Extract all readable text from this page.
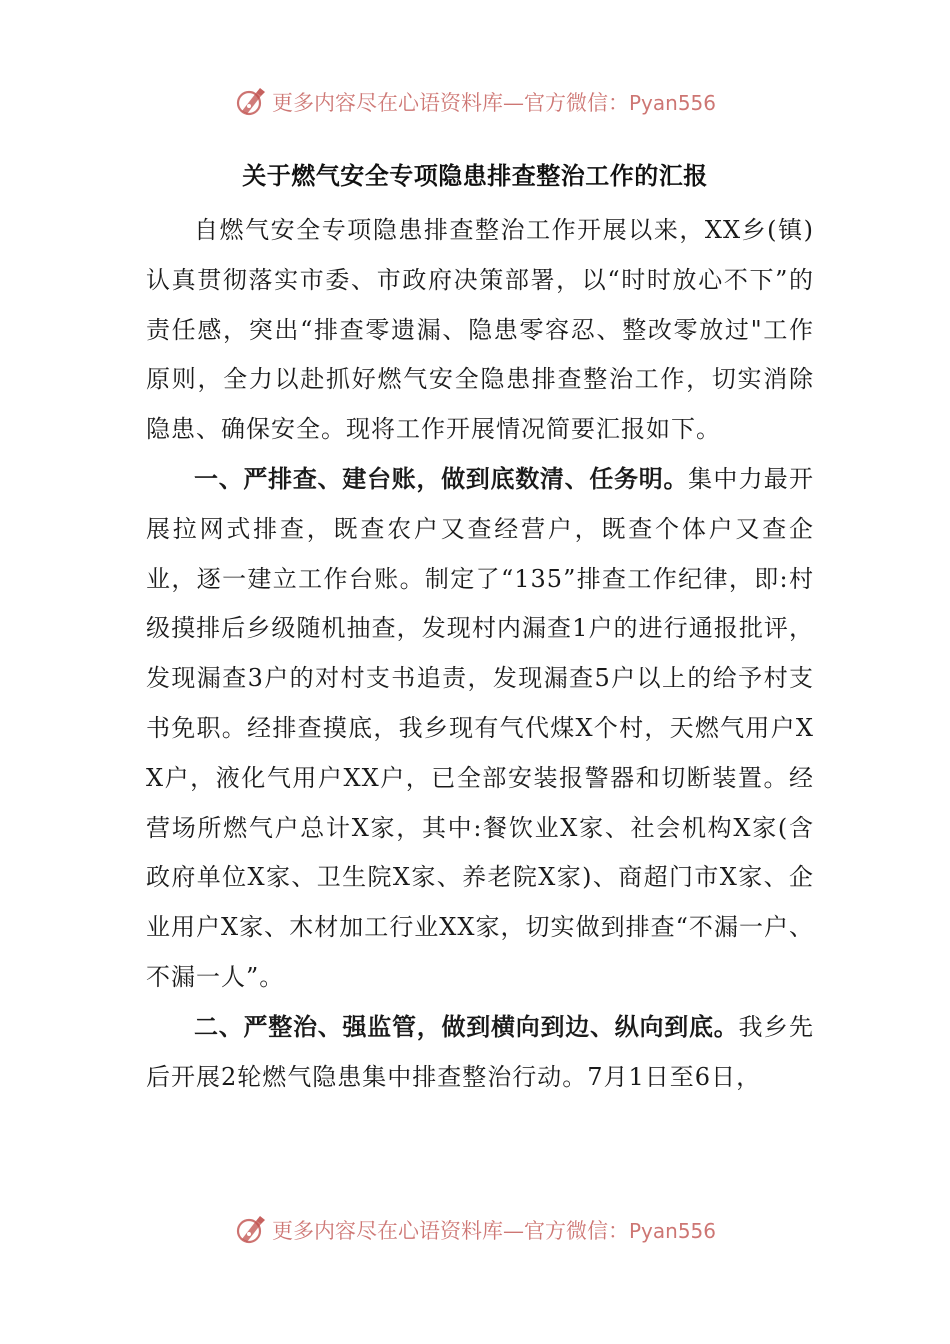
更多内容尽在心语资料库—官方微信：Pyan556
关于燃气安全专项隐患排查整治工作的汇报

自燃气安全专项隐患排查整治工作开展以来，XX乡(镇)认真贯彻落实市委、市政府决策部署，以“时时放心不下”的责任感，突出“排查零遗漏、隐患零容忍、整改零放过"工作原则，全力以赴抓好燃气安全隐患排查整治工作，切实消除隐患、确保安全。现将工作开展情况简要汇报如下。

一、严排查、建台账，做到底数清、任务明。集中力最开展拉网式排查，既查农户又查经营户，既查个体户又查企业，逐一建立工作台账。制定了“135”排查工作纪律，即:村级摸排后乡级随机抽查，发现村内漏查1户的进行通报批评，发现漏查3户的对村支书追责，发现漏查5户以上的给予村支书免职。经排查摸底，我乡现有气代煤X个村，天燃气用户XX户，液化气用户XX户，已全部安装报警器和切断装置。经营场所燃气户总计X家，其中:餐饮业X家、社会机构X家(含政府单位X家、卫生院X家、养老院X家)、商超门市X家、企业用户X家、木材加工行业XX家，切实做到排查“不漏一户、不漏一人”。

二、严整治、强监管，做到横向到边、纵向到底。我乡先后开展2轮燃气隐患集中排查整治行动。7月1日至6日，

更多内容尽在心语资料库—官方微信：Pyan556
